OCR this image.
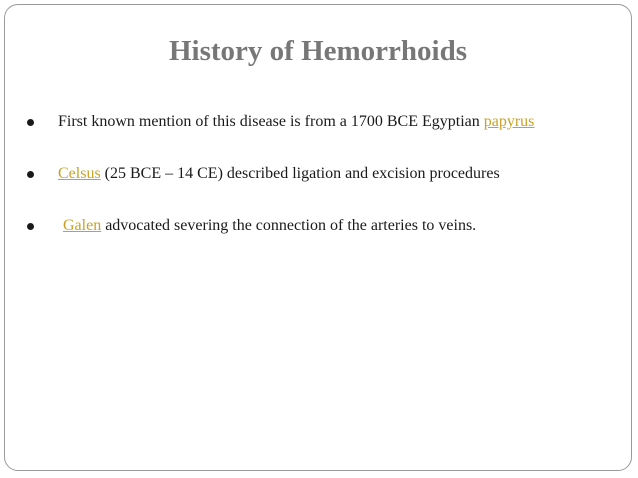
History of Hemorrhoids
First known mention of this disease is from a 1700 BCE Egyptian papyrus
Celsus (25 BCE – 14 CE) described ligation and excision procedures
Galen advocated severing the connection of the arteries to veins.
